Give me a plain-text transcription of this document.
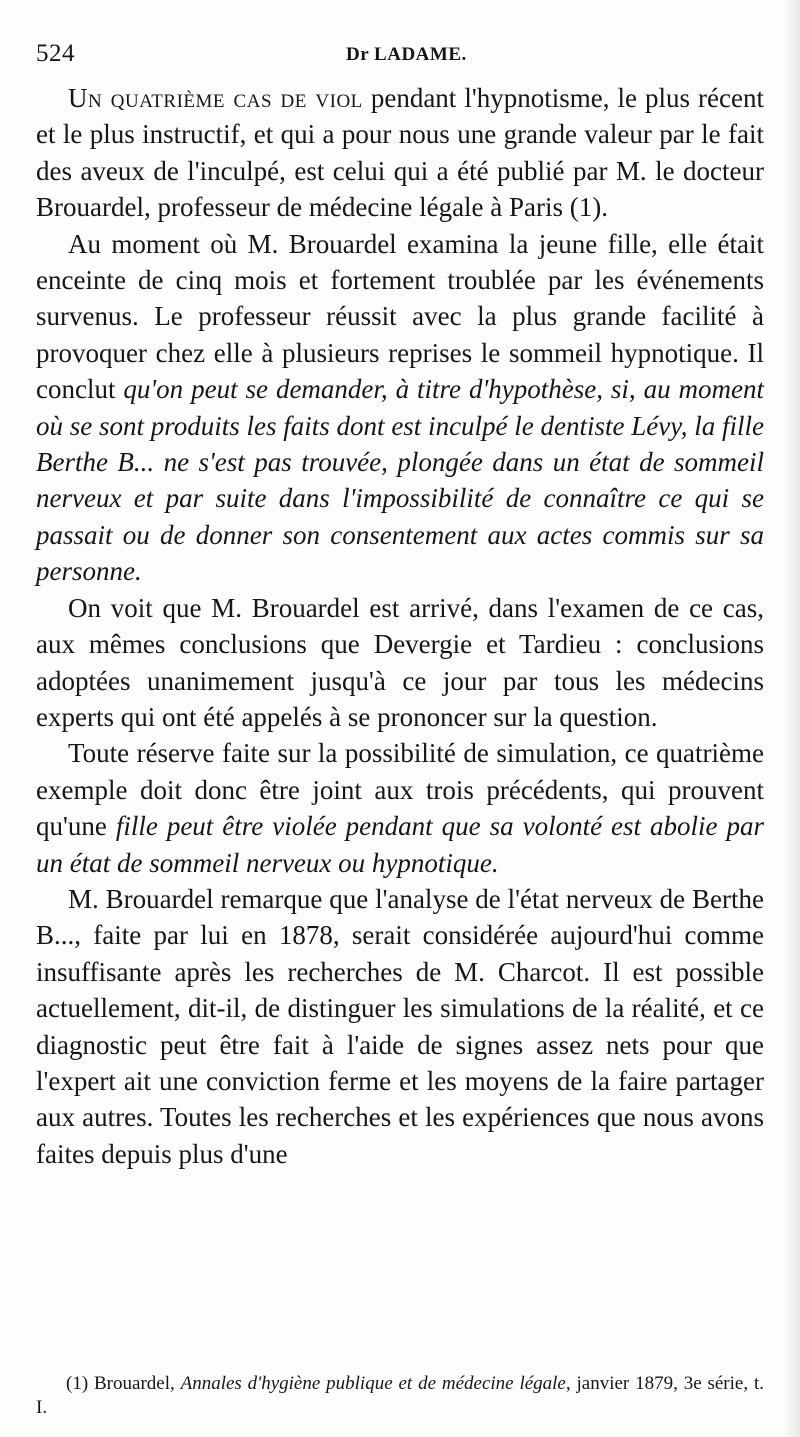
524	Dr LADAME.

Un quatrième cas de viol pendant l'hypnotisme, le plus récent et le plus instructif, et qui a pour nous une grande valeur par le fait des aveux de l'inculpé, est celui qui a été publié par M. le docteur Brouardel, professeur de médecine légale à Paris (1).

Au moment où M. Brouardel examina la jeune fille, elle était enceinte de cinq mois et fortement troublée par les événements survenus. Le professeur réussit avec la plus grande facilité à provoquer chez elle à plusieurs reprises le sommeil hypnotique. Il conclut qu'on peut se demander, à titre d'hypothèse, si, au moment où se sont produits les faits dont est inculpé le dentiste Lévy, la fille Berthe B... ne s'est pas trouvée, plongée dans un état de sommeil nerveux et par suite dans l'impossibilité de connaître ce qui se passait ou de donner son consentement aux actes commis sur sa personne.

On voit que M. Brouardel est arrivé, dans l'examen de ce cas, aux mêmes conclusions que Devergie et Tardieu : conclusions adoptées unanimement jusqu'à ce jour par tous les médecins experts qui ont été appelés à se prononcer sur la question.

Toute réserve faite sur la possibilité de simulation, ce quatrième exemple doit donc être joint aux trois précédents, qui prouvent qu'une fille peut être violée pendant que sa volonté est abolie par un état de sommeil nerveux ou hypnotique.

M. Brouardel remarque que l'analyse de l'état nerveux de Berthe B..., faite par lui en 1878, serait considérée aujourd'hui comme insuffisante après les recherches de M. Charcot. Il est possible actuellement, dit-il, de distinguer les simulations de la réalité, et ce diagnostic peut être fait à l'aide de signes assez nets pour que l'expert ait une conviction ferme et les moyens de la faire partager aux autres. Toutes les recherches et les expériences que nous avons faites depuis plus d'une

(1) Brouardel, Annales d'hygiène publique et de médecine légale, janvier 1879, 3e série, t. I.
